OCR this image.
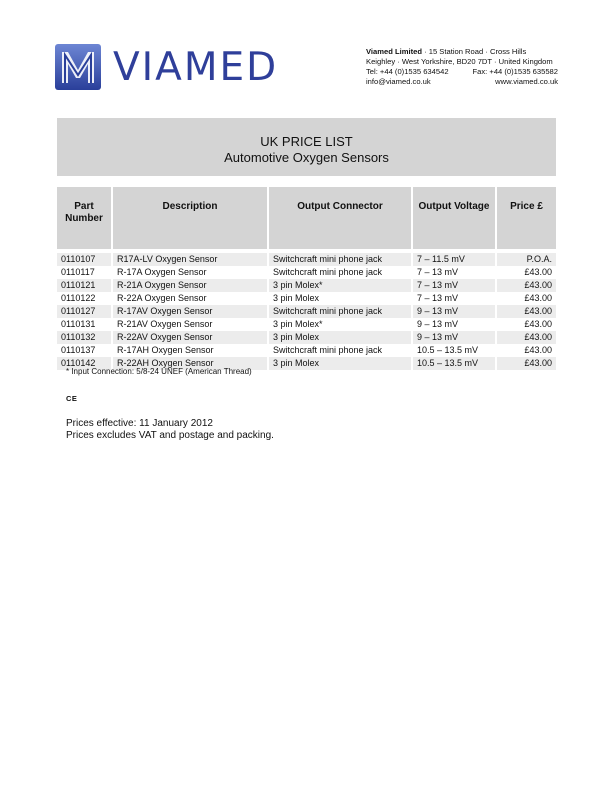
VIAMED	Viamed Limited · 15 Station Road · Cross Hills
Keighley · West Yorkshire, BD20 7DT · United Kingdom
Tel: +44 (0)1535 634542	Fax: +44 (0)1535 635582
info@viamed.co.uk	www.viamed.co.uk
UK PRICE LIST
Automotive Oxygen Sensors
Part Number	Description	Output Connector	Output Voltage	Price £

0110107	R17A-LV Oxygen Sensor	Switchcraft mini phone jack	7 – 11.5 mV	P.O.A.
0110117	R-17A Oxygen Sensor	Switchcraft mini phone jack	7 – 13 mV	£43.00
0110121	R-21A Oxygen Sensor	3 pin Molex*	7 – 13 mV	£43.00
0110122	R-22A Oxygen Sensor	3 pin Molex	7 – 13 mV	£43.00
0110127	R-17AV Oxygen Sensor	Switchcraft mini phone jack	9 – 13 mV	£43.00
0110131	R-21AV Oxygen Sensor	3 pin Molex*	9 – 13 mV	£43.00
0110132	R-22AV Oxygen Sensor	3 pin Molex	9 – 13 mV	£43.00
0110137	R-17AH Oxygen Sensor	Switchcraft mini phone jack	10.5 – 13.5 mV	£43.00
0110142	R-22AH Oxygen Sensor	3 pin Molex	10.5 – 13.5 mV	£43.00
* Input Connection: 5/8-24 UNEF (American Thread)
CE
Prices effective: 11 January 2012
Prices excludes VAT and postage and packing.
